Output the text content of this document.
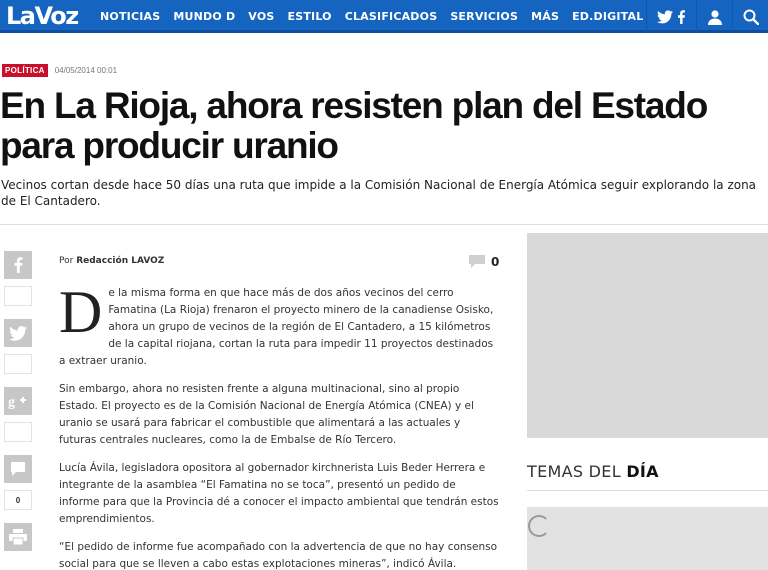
LaVoz NOTICIAS MUNDO D VOS ESTILO CLASIFICADOS SERVICIOS MÁS ED.DIGITAL
POLÍTICA	04/05/2014 00:01
En La Rioja, ahora resisten plan del Estado para producir uranio

Vecinos cortan desde hace 50 días una ruta que impide a la Comisión Nacional de Energía Atómica seguir explorando la zona de El Cantadero.

g
0
Por Redacción LAVOZ	0

De la misma forma en que hace más de dos años vecinos del cerro Famatina (La Rioja) frenaron el proyecto minero de la canadiense Osisko, ahora un grupo de vecinos de la región de El Cantadero, a 15 kilómetros de la capital riojana, cortan la ruta para impedir 11 proyectos destinados a extraer uranio.

Sin embargo, ahora no resisten frente a alguna multinacional, sino al propio Estado. El proyecto es de la Comisión Nacional de Energía Atómica (CNEA) y el uranio se usará para fabricar el combustible que alimentará a las actuales y futuras centrales nucleares, como la de Embalse de Río Tercero.

Lucía Ávila, legisladora opositora al gobernador kirchnerista Luis Beder Herrera e integrante de la asamblea “El Famatina no se toca”, presentó un pedido de informe para que la Provincia dé a conocer el impacto ambiental que tendrán estos emprendimientos.

“El pedido de informe fue acompañado con la advertencia de que no hay consenso social para que se lleven a cabo estas explotaciones mineras”, indicó Ávila.

TEMAS DEL DÍA
